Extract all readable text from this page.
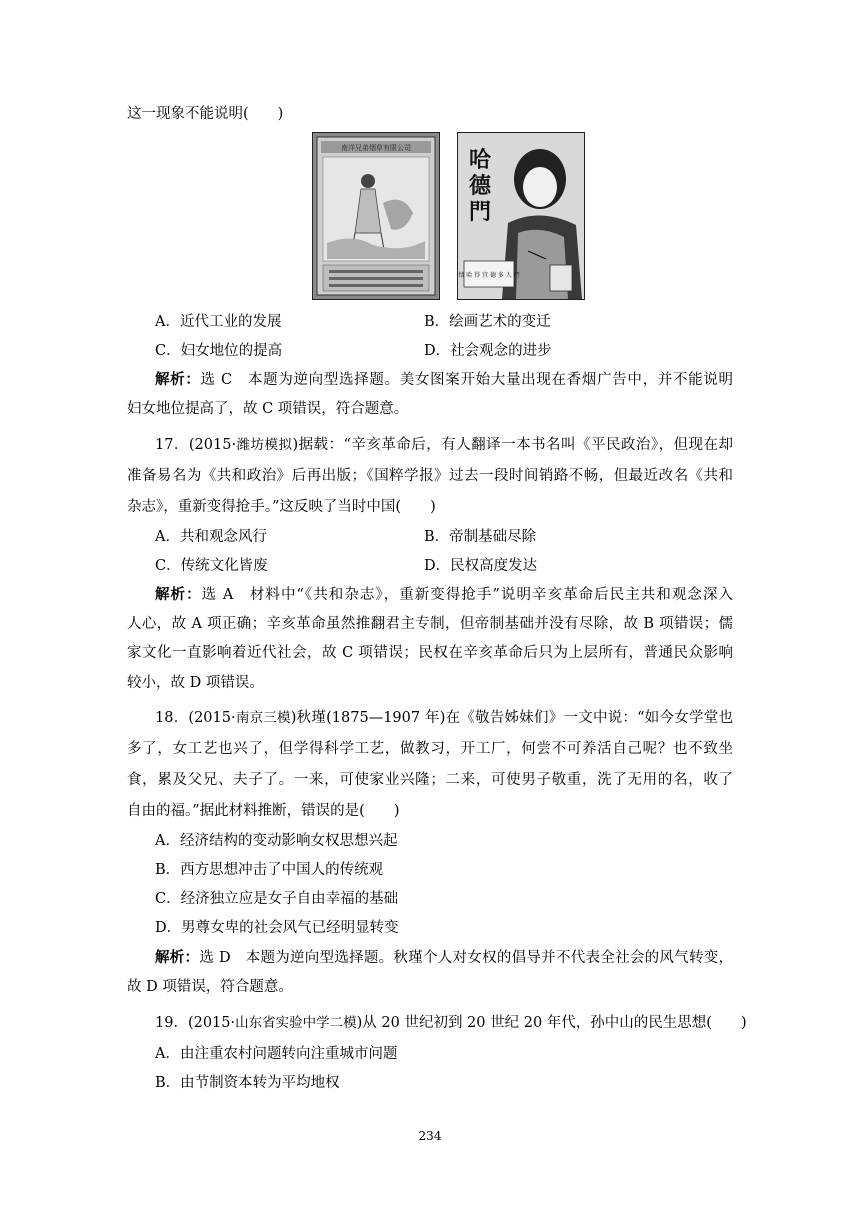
这一现象不能说明(　　)
南洋兄弟烟草有限公司	哈
德
門
情 哈 得 宜 德 多 人 門
A．近代工业的发展	B．绘画艺术的变迁
C．妇女地位的提高	D．社会观念的进步
解析：选 C　本题为逆向型选择题。美女图案开始大量出现在香烟广告中，并不能说明
妇女地位提高了，故 C 项错误，符合题意。
17．(2015·潍坊模拟)据载：“辛亥革命后，有人翻译一本书名叫《平民政治》，但现在却
准备易名为《共和政治》后再出版；《国粹学报》过去一段时间销路不畅，但最近改名《共和
杂志》，重新变得抢手。”这反映了当时中国(　　)
A．共和观念风行	B．帝制基础尽除
C．传统文化皆废	D．民权高度发达
解析：选 A　材料中“《共和杂志》，重新变得抢手”说明辛亥革命后民主共和观念深入
人心，故 A 项正确；辛亥革命虽然推翻君主专制，但帝制基础并没有尽除，故 B 项错误；儒
家文化一直影响着近代社会，故 C 项错误；民权在辛亥革命后只为上层所有，普通民众影响
较小，故 D 项错误。
18．(2015·南京三模)秋瑾(1875—1907 年)在《敬告姊妹们》一文中说：“如今女学堂也
多了，女工艺也兴了，但学得科学工艺，做教习，开工厂，何尝不可养活自己呢？也不致坐
食，累及父兄、夫子了。一来，可使家业兴隆；二来，可使男子敬重，洗了无用的名，收了
自由的福。”据此材料推断，错误的是(　　)
A．经济结构的变动影响女权思想兴起
B．西方思想冲击了中国人的传统观
C．经济独立应是女子自由幸福的基础
D．男尊女卑的社会风气已经明显转变
解析：选 D　本题为逆向型选择题。秋瑾个人对女权的倡导并不代表全社会的风气转变，
故 D 项错误，符合题意。
19．(2015·山东省实验中学二模)从 20 世纪初到 20 世纪 20 年代，孙中山的民生思想(　　)
A．由注重农村问题转向注重城市问题
B．由节制资本转为平均地权
234
